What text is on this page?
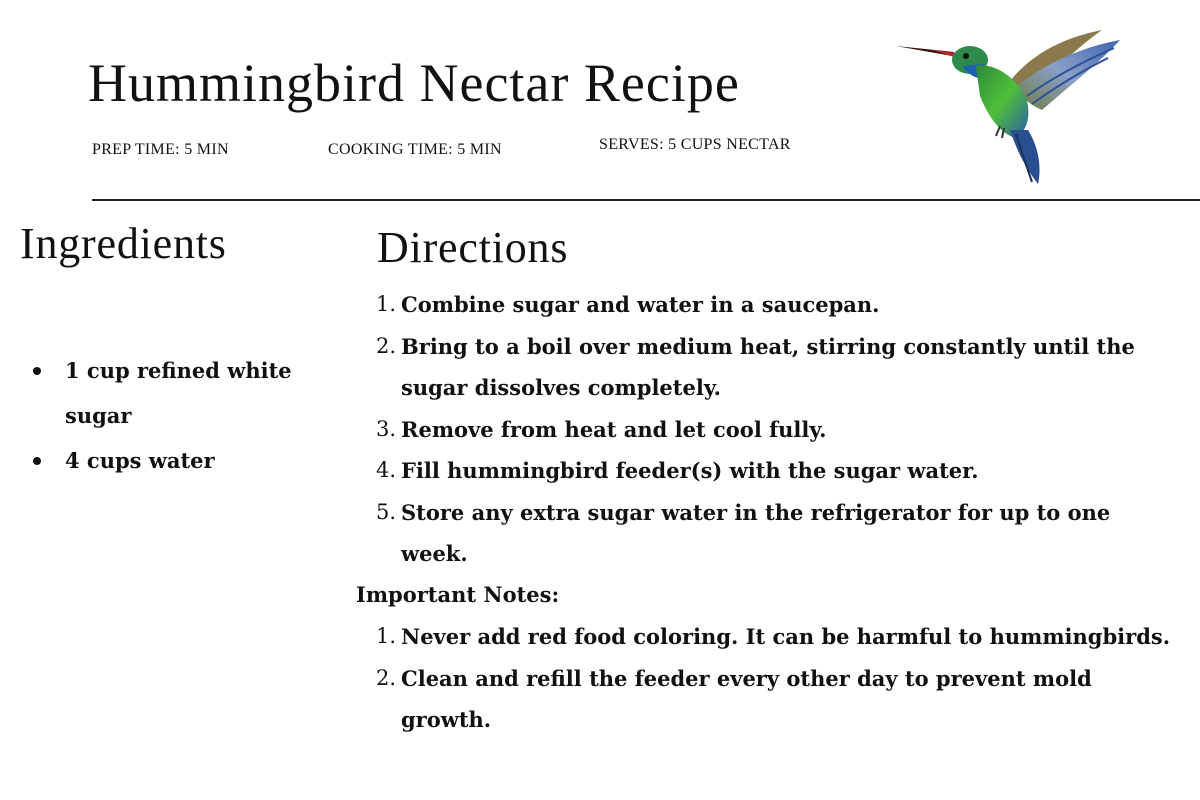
Hummingbird Nectar Recipe
PREP TIME: 5 MIN	COOKING TIME: 5 MIN	SERVES: 5 CUPS NECTAR
Ingredients
1 cup refined white sugar
4 cups water
Directions
1. Combine sugar and water in a saucepan.
2. Bring to a boil over medium heat, stirring constantly until the sugar dissolves completely.
3. Remove from heat and let cool fully.
4. Fill hummingbird feeder(s) with the sugar water.
5. Store any extra sugar water in the refrigerator for up to one week.
Important Notes:
1. Never add red food coloring. It can be harmful to hummingbirds.
2. Clean and refill the feeder every other day to prevent mold growth.
